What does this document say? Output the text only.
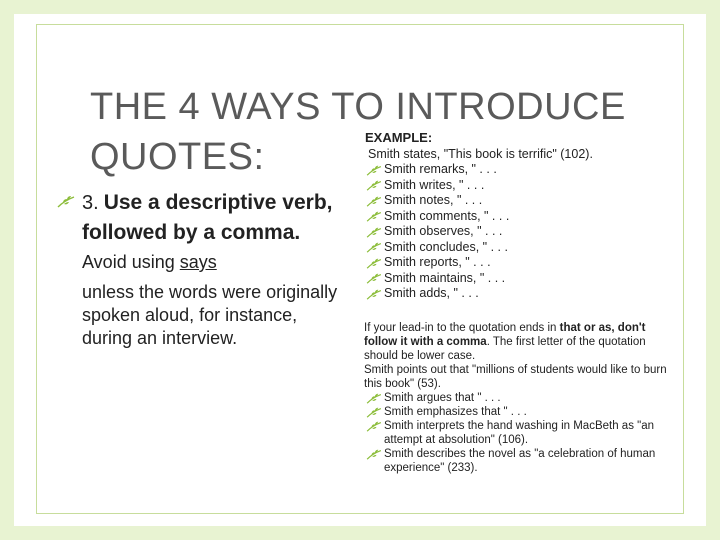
THE 4 WAYS TO INTRODUCE
QUOTES:
3. Use a descriptive verb, followed by a comma. Avoid using says
unless the words were originally spoken aloud, for instance, during an interview.
EXAMPLE:
Smith states, "This book is terrific" (102).
Smith remarks, " . . .
Smith writes, " . . .
Smith notes, " . . .
Smith comments, " . . .
Smith observes, " . . .
Smith concludes, " . . .
Smith reports, " . . .
Smith maintains, " . . .
Smith adds, " . . .

If your lead-in to the quotation ends in that or as, don't follow it with a comma. The first letter of the quotation should be lower case.

Smith points out that "millions of students would like to burn this book" (53).

Smith argues that " . . .
Smith emphasizes that " . . .
Smith interprets the hand washing in MacBeth as "an attempt at absolution" (106).
Smith describes the novel as "a celebration of human experience" (233).
